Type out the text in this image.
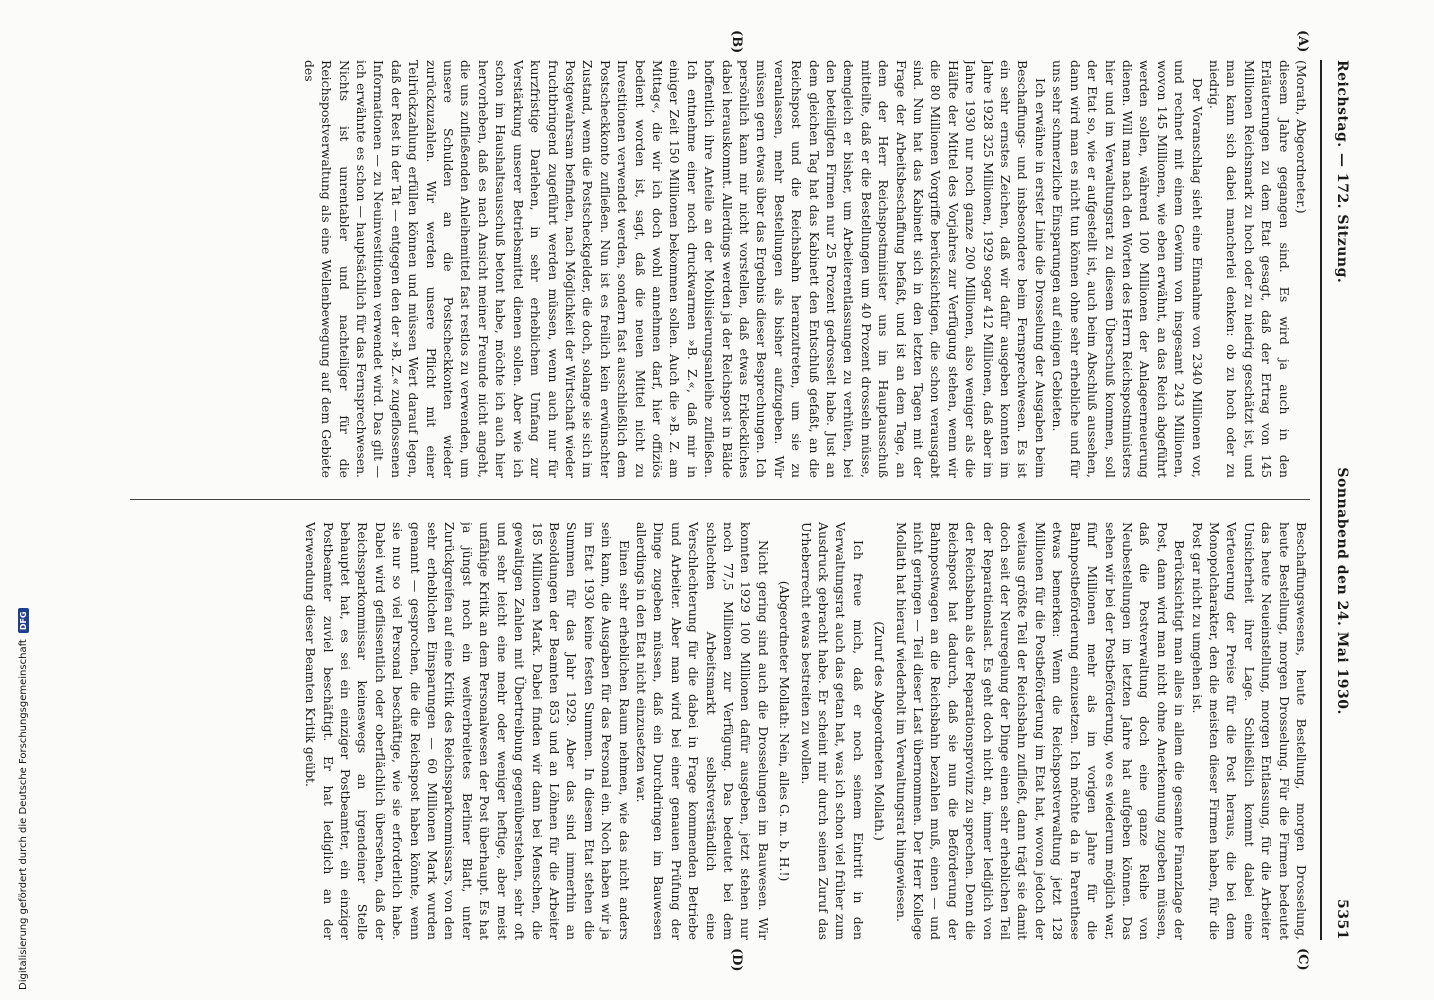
Reichstag. — 172. Sitzung.
Sonnabend den 24. Mai 1930.
5351
(A)
(B)
(C)
(D)

(Morath, Abgeordneter.)

diesem Jahre gegangen sind. Es wird ja auch in den Erläuterungen zu dem Etat gesagt, daß der Ertrag von 145 Millionen Reichsmark zu hoch oder zu niedrig geschätzt ist, und man kann sich dabei mancherlei denken: ob zu hoch oder zu niedrig.

Der Voranschlag sieht eine Einnahme von 2340 Millionen vor, und rechnet mit einem Gewinn von insgesamt 243 Millionen, wovon 145 Millionen, wie eben erwähnt, an das Reich abgeführt werden sollen, während 100 Millionen der Anlageerneuerung dienen. Will man nach den Worten des Herrn Reichspostministers hier und im Verwaltungsrat zu diesem Überschuß kommen, soll der Etat so, wie er aufgestellt ist, auch beim Abschluß aussehen, dann wird man es nicht tun können ohne sehr erhebliche und für uns sehr schmerzliche Einsparungen auf einigen Gebieten.

Ich erwähne in erster Linie die Drosselung der Ausgaben beim Beschaffungs- und insbesondere beim Fernsprechwesen. Es ist ein sehr ernstes Zeichen, daß wir dafür ausgeben konnten im Jahre 1928 325 Millionen, 1929 sogar 412 Millionen, daß aber im Jahre 1930 nur noch ganze 200 Millionen, also weniger als die Hälfte der Mittel des Vorjahres zur Verfügung stehen, wenn wir die 80 Millionen Vorgriffe berücksichtigen, die schon verausgabt sind. Nun hat das Kabinett sich in den letzten Tagen mit der Frage der Arbeitsbeschaffung befaßt, und ist an dem Tage, an dem der Herr Reichspostminister uns im Hauptausschuß mitteilte, daß er die Bestellungen um 40 Prozent drosseln müsse, demgleich er bisher, um Arbeiterentlassungen zu verhüten, bei den beteiligten Firmen nur 25 Prozent gedrosselt habe. Just an dem gleichen Tag hat das Kabinett den Entschluß gefaßt, an die Reichspost und die Reichsbahn heranzutreten, um sie zu veranlassen, mehr Bestellungen als bisher aufzugeben. Wir müssen gern etwas über das Ergebnis dieser Besprechungen. Ich persönlich kann mir nicht vorstellen, daß etwas Erkleckliches dabei herauskommt. Allerdings werden ja der Reichspost in Bälde hoffentlich ihre Anteile an der Mobilisierungsanleihe zufließen. Ich entnehme einer noch druckwarmen »B. Z.«, daß mir in einiger Zeit 150 Millionen bekommen sollen. Auch die »B. Z. am Mittag«, die wir ich doch wohl annehmen darf, hier offiziös bedient worden ist, sagt, daß die neuen Mittel nicht zu Investitionen verwendet werden, sondern fast ausschließlich dem Postscheckkonto zufließen. Nun ist es freilich kein erwünschter Zustand, wenn die Postscheckgelder, die doch, solange sie sich im Postgewahrsam befinden, nach Möglichkeit der Wirtschaft wieder fruchtbringend zugeführt werden müssen, wenn auch nur für kurzfristige Darlehen, in sehr erheblichem Umfang zur Verstärkung unserer Betriebsmittel dienen sollen. Aber wie ich schon im Haushaltsausschuß betont habe, möchte ich auch hier hervorheben, daß es nach Ansicht meiner Freunde nicht angeht, die uns zufließenden Anleihemittel fast restlos zu verwenden, um unsere Schulden an die Postscheckkonten wieder zurückzuzahlen. Wir werden unsere Pflicht mit einer Teilrückzahlung erfüllen können und müssen Wert darauf legen, daß der Rest in der Tat — entgegen den der »B. Z.« zugeflossenen Informationen — zu Neuinvestitionen verwendet wird. Das gilt — ich erwähnte es schon — hauptsächlich für das Fernsprechwesen. Nichts ist unrentabler und nachteiliger für die Reichspostverwaltung als eine Wellenbewegung auf dem Gebiete des

Beschaffungswesens, heute Bestellung, morgen Drosselung, heute Bestellung, morgen Drosselung. Für die Firmen bedeutet das heute Neueinstellung, morgen Entlassung, für die Arbeiter Unsicherheit ihrer Lage. Schließlich kommt dabei eine Verteuerung der Preise für die Post heraus, die bei dem Monopolcharakter, den die meisten dieser Firmen haben, für die Post gar nicht zu umgehen ist.

Berücksichtigt man alles in allem die gesamte Finanzlage der Post, dann wird man nicht ohne Anerkennung zugeben müssen, daß die Postverwaltung doch eine ganze Reihe von Neubestellungen im letzten Jahre hat aufgeben können. Das sehen wir bei der Postbeförderung, wo es wiederum möglich war, fünf Millionen mehr als im vorigen Jahre für die Bahnpostbeförderung einzusetzen. Ich möchte da in Parenthese etwas bemerken: Wenn die Reichspostverwaltung jetzt 128 Millionen für die Postbeförderung im Etat hat, wovon jedoch der weitaus größte Teil der Reichsbahn zufließt, dann trägt sie damit doch seit der Neuregelung der Dinge einen sehr erheblichen Teil der Reparationslast. Es geht doch nicht an, immer lediglich von der Reichsbahn als der Reparationsprovinz zu sprechen. Denn die Reichspost hat dadurch, daß sie nun die Beförderung der Bahnpostwagen an die Reichsbahn bezahlen muß, einen — und nicht geringen — Teil dieser Last übernommen. Der Herr Kollege Mollath hat hierauf wiederholt im Verwaltungsrat hingewiesen.

(Zuruf des Abgeordneten Mollath.)

Ich freue mich, daß er noch seinem Eintritt in den Verwaltungsrat auch das getan hat, was ich schon viel früher zum Ausdruck gebracht habe. Er scheint mir durch seinen Zuruf das Urheberrecht etwas bestreiten zu wollen.

(Abgeordneter Mollath: Nein, alles G. m. b. H.!)

Nicht gering sind auch die Drosselungen im Bauwesen. Wir konnten 1929 100 Millionen dafür ausgeben, jetzt stehen nur noch 77,5 Millionen zur Verfügung. Das bedeutet bei dem schlechten Arbeitsmarkt selbstverständlich eine Verschlechterung für die dabei in Frage kommenden Betriebe und Arbeiter. Aber man wird bei einer genauen Prüfung der Dinge zugeben müssen, daß ein Durchdringen im Bauwesen allerdings in den Etat nicht einzusetzen war.

Einen sehr erheblichen Raum nehmen, wie das nicht anders sein kann, die Ausgaben für das Personal ein. Noch haben wir ja im Etat 1930 keine festen Summen. In diesem Etat stehen die Summen für das Jahr 1929. Aber das sind immerhin an Besoldungen der Beamten 853 und an Löhnen für die Arbeiter 185 Millionen Mark. Dabei finden wir dann bei Menschen, die gewaltigen Zahlen mit Übertreibung gegenüberstehen, sehr oft und sehr leicht eine mehr oder weniger heftige, aber meist unfähige Kritik an dem Personalwesen der Post überhaupt. Es hat ja jüngst noch ein weitverbreitetes Berliner Blatt, unter Zurückgreifen auf eine Kritik des Reichssparkommissars, von den sehr erheblichen Einsparungen — 60 Millionen Mark wurden genannt — gesprochen, die die Reichspost haben könnte, wenn sie nur so viel Personal beschäftige, wie sie erforderlich habe. Dabei wird geflissentlich oder oberflächlich übersehen, daß der Reichssparkommissar keineswegs an irgendeiner Stelle behauptet hat, es sei ein einziger Postbeamter, ein einziger Postbeamter zuviel beschäftigt. Er hat lediglich an der Verwendung dieser Beamten Kritik geübt.

Digitalisierung gefördert durch die Deutsche Forschungsgemeinschaft
DFG
